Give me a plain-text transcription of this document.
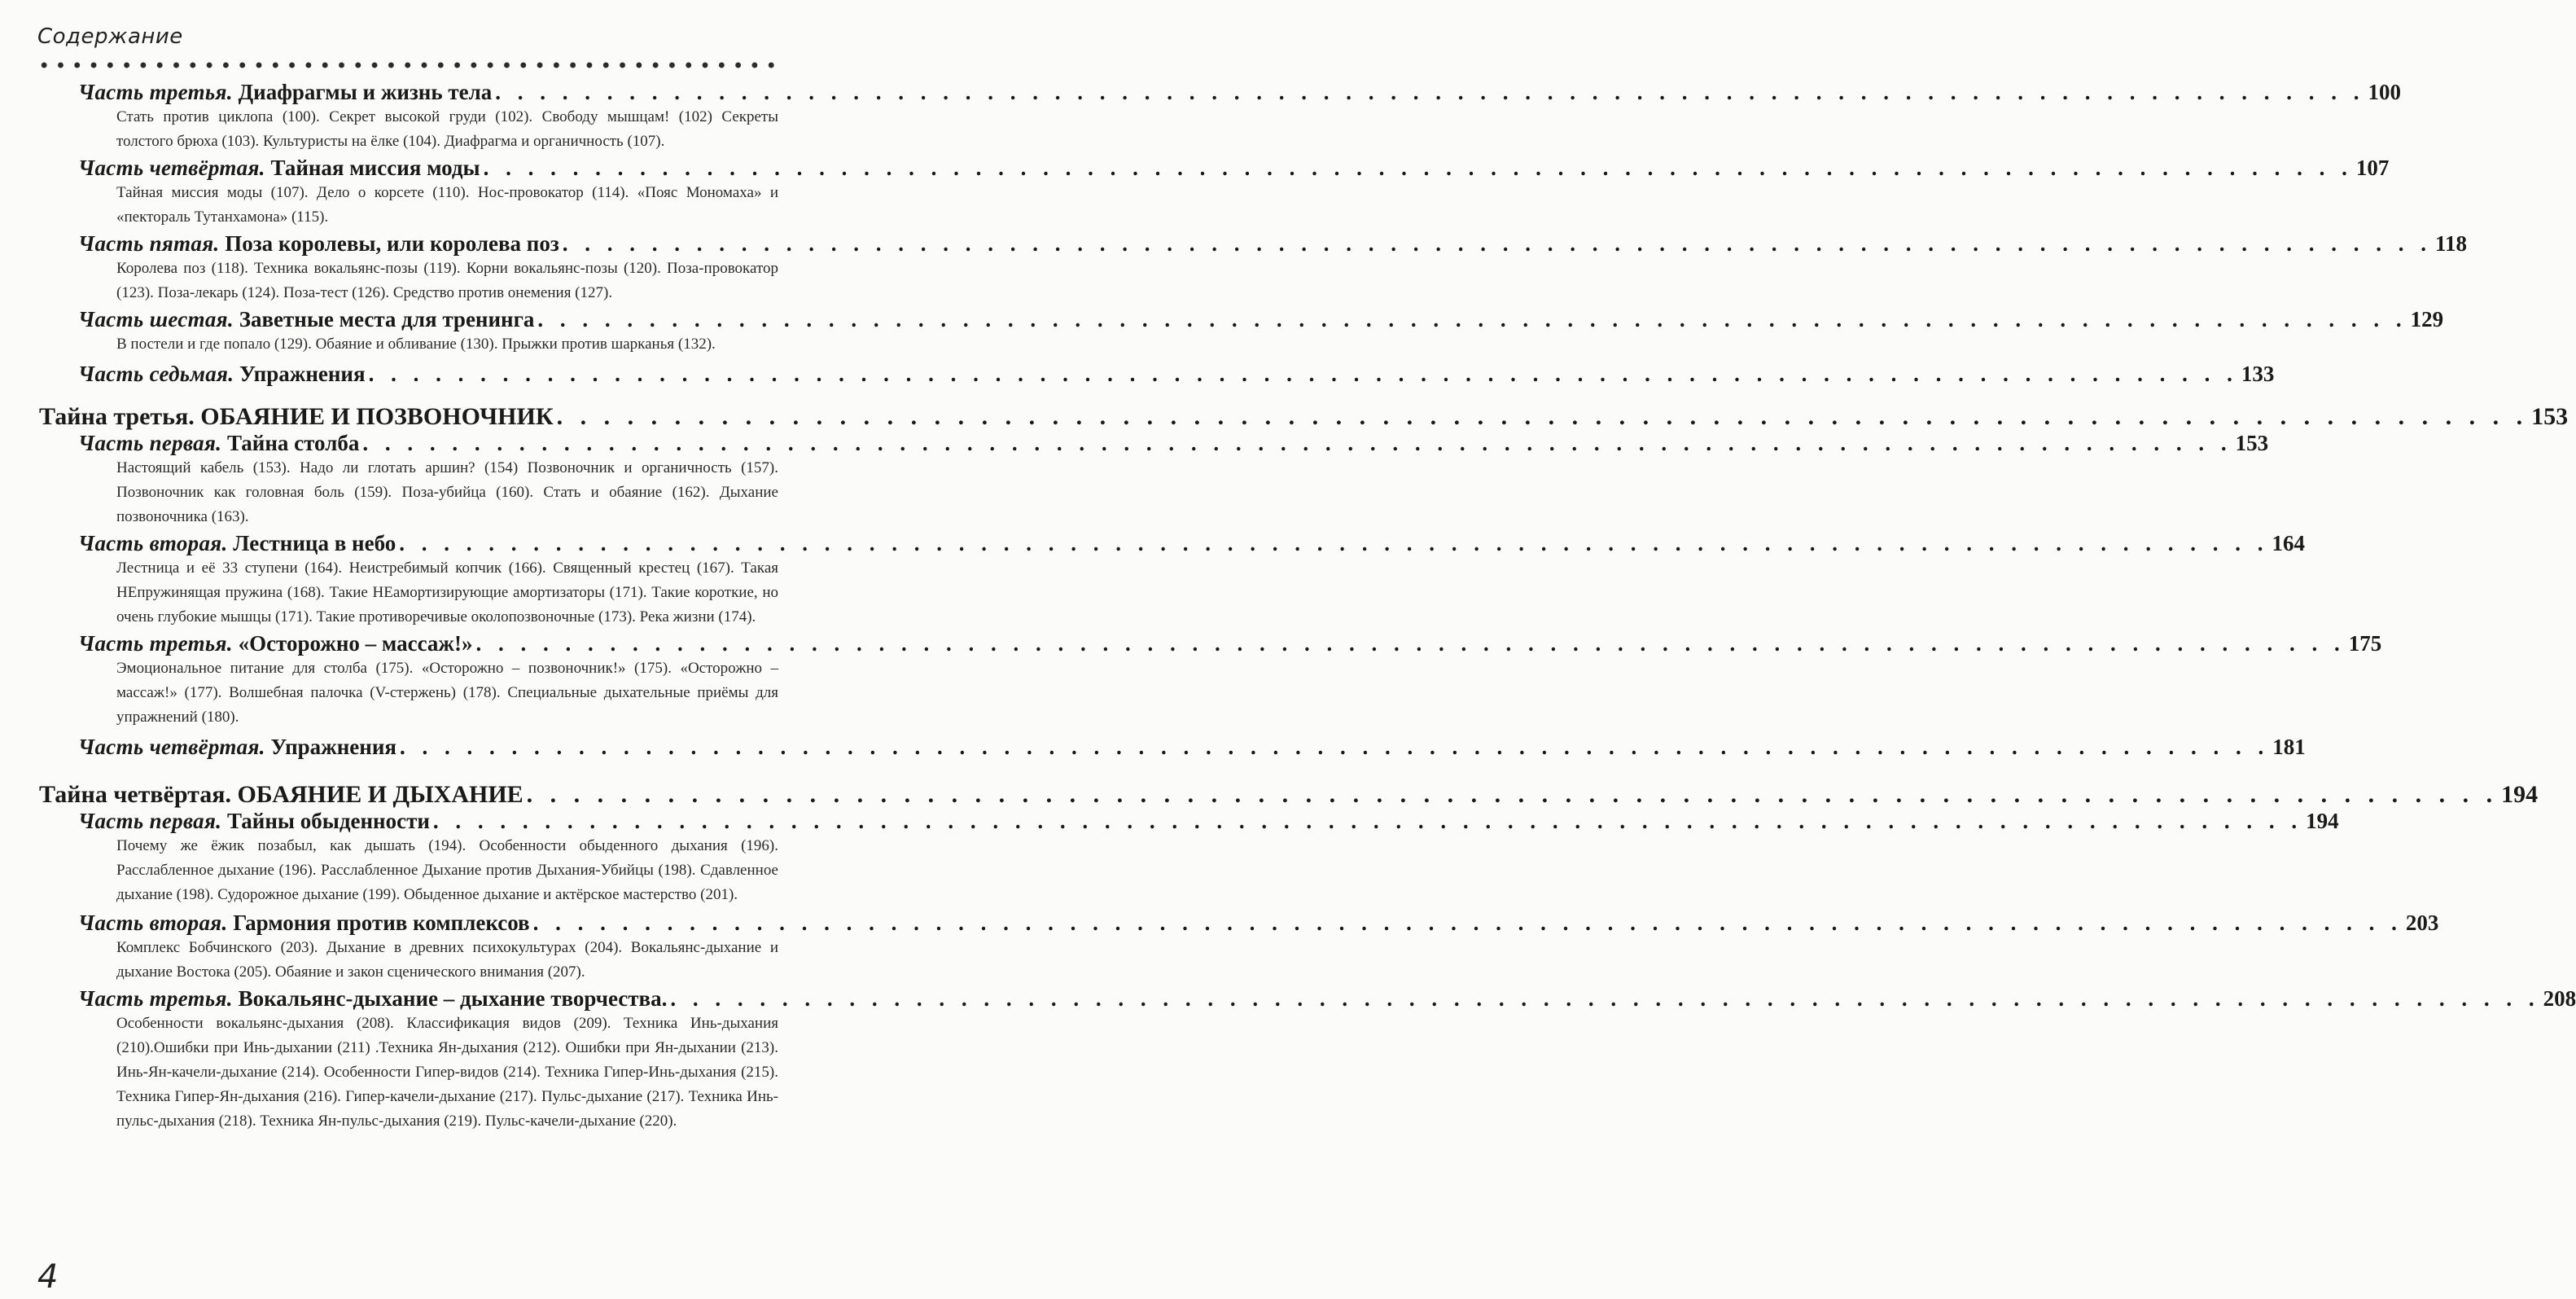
Содержание
Часть третья.
Диафрагмы и жизнь тела . . . . . . . . . . . . . . . . . . . . . . . . . . . . . . . . . . . . . . . . . . . . . . . . . . . . . . . . . . . . . . . . . . . . . . . . . . . . . . . . . . . . 100
Стать против циклопа (100). Секрет высокой груди (102). Свободу мышцам! (102) Секреты толстого брюха (103). Культуристы на ёлке (104). Диафрагма и органичность (107).
Часть четвёртая.
Тайная миссия моды . . . . . . . . . . . . . . . . . . . . . . . . . . . . . . . . . . . . . . . . . . . . . . . . . . . . . . . . . . . . . . . . . . . . . . . . . . . . . . . . . . . . 107
Тайная миссия моды (107). Дело о корсете (110). Нос-провокатор (114). «Пояс Мономаха» и «пектораль Тутанхамона» (115).
Часть пятая.
Поза королевы, или королева поз . . . . . . . . . . . . . . . . . . . . . . . . . . . . . . . . . . . . . . . . . . . . . . . . . . . . . . . . . . . . . . . . . . . . . . . . . . . . . . . . . . . . 118
Королева поз (118). Техника вокальянс-позы (119). Корни вокальянс-позы (120). Поза-провокатор (123). Поза-лекарь (124). Поза-тест (126). Средство против онемения (127).
Часть шестая.
Заветные места для тренинга . . . . . . . . . . . . . . . . . . . . . . . . . . . . . . . . . . . . . . . . . . . . . . . . . . . . . . . . . . . . . . . . . . . . . . . . . . . . . . . . . . . . 129
В постели и где попало (129). Обаяние и обливание (130). Прыжки против шарканья (132).
Часть седьмая.
Упражнения . . . . . . . . . . . . . . . . . . . . . . . . . . . . . . . . . . . . . . . . . . . . . . . . . . . . . . . . . . . . . . . . . . . . . . . . . . . . . . . . . . . . 133
Тайна третья. ОБАЯНИЕ И ПОЗВОНОЧНИК . . . . . . . . . . . . . . . . . . . . . . . . . . . . . . . . . . . . . . . . . . . . . . . . . . . . . . . . . . . . . . . . . . . . . . . . . . . . . . . . . . . . 153
Часть первая.
Тайна столба . . . . . . . . . . . . . . . . . . . . . . . . . . . . . . . . . . . . . . . . . . . . . . . . . . . . . . . . . . . . . . . . . . . . . . . . . . . . . . . . . . . . 153
Настоящий кабель (153). Надо ли глотать аршин? (154) Позвоночник и органичность (157). Позвоночник как головная боль (159). Поза-убийца (160). Стать и обаяние (162). Дыхание позвоночника (163).
Часть вторая.
Лестница в небо . . . . . . . . . . . . . . . . . . . . . . . . . . . . . . . . . . . . . . . . . . . . . . . . . . . . . . . . . . . . . . . . . . . . . . . . . . . . . . . . . . . . 164
Лестница и её 33 ступени (164). Неистребимый копчик (166). Священный крестец (167). Такая НЕпружинящая пружина (168). Такие НЕамортизирующие амортизаторы (171). Такие короткие, но очень глубокие мышцы (171). Такие противоречивые околопозвоночные (173). Река жизни (174).
Часть третья.
«Осторожно – массаж!» . . . . . . . . . . . . . . . . . . . . . . . . . . . . . . . . . . . . . . . . . . . . . . . . . . . . . . . . . . . . . . . . . . . . . . . . . . . . . . . . . . . . 175
Эмоциональное питание для столба (175). «Осторожно – позвоночник!» (175). «Осторожно – массаж!» (177). Волшебная палочка (V-стержень) (178). Специальные дыхательные приёмы для упражнений (180).
Часть четвёртая.
Упражнения . . . . . . . . . . . . . . . . . . . . . . . . . . . . . . . . . . . . . . . . . . . . . . . . . . . . . . . . . . . . . . . . . . . . . . . . . . . . . . . . . . . . 181
Тайна четвёртая. ОБАЯНИЕ И ДЫХАНИЕ . . . . . . . . . . . . . . . . . . . . . . . . . . . . . . . . . . . . . . . . . . . . . . . . . . . . . . . . . . . . . . . . . . . . . . . . . . . . . . . . . . . . 194
Часть первая.
Тайны обыденности . . . . . . . . . . . . . . . . . . . . . . . . . . . . . . . . . . . . . . . . . . . . . . . . . . . . . . . . . . . . . . . . . . . . . . . . . . . . . . . . . . . . 194
Почему же ёжик позабыл, как дышать (194). Особенности обыденного дыхания (196). Расслабленное дыхание (196). Расслабленное Дыхание против Дыхания-Убийцы (198). Сдавленное дыхание (198). Судорожное дыхание (199). Обыденное дыхание и актёрское мастерство (201).
Часть вторая.
Гармония против комплексов . . . . . . . . . . . . . . . . . . . . . . . . . . . . . . . . . . . . . . . . . . . . . . . . . . . . . . . . . . . . . . . . . . . . . . . . . . . . . . . . . . . . 203
Комплекс Бобчинского (203). Дыхание в древних психокультурах (204). Вокальянс-дыхание и дыхание Востока (205). Обаяние и закон сценического внимания (207).
Часть третья.
Вокальянс-дыхание – дыхание творчества. . . . . . . . . . . . . . . . . . . . . . . . . . . . . . . . . . . . . . . . . . . . . . . . . . . . . . . . . . . . . . . . . . . . . . . . . . . . . . . . . . . . . 208
Особенности вокальянс-дыхания (208). Классификация видов (209). Техника Инь-дыхания (210).Ошибки при Инь-дыхании (211) .Техника Ян-дыхания (212). Ошибки при Ян-дыхании (213). Инь-Ян-качели-дыхание (214). Особенности Гипер-видов (214). Техника Гипер-Инь-дыхания (215). Техника Гипер-Ян-дыхания (216). Гипер-качели-дыхание (217). Пульс-дыхание (217). Техника Инь-пульс-дыхания (218). Техника Ян-пульс-дыхания (219). Пульс-качели-дыхание (220).
4
